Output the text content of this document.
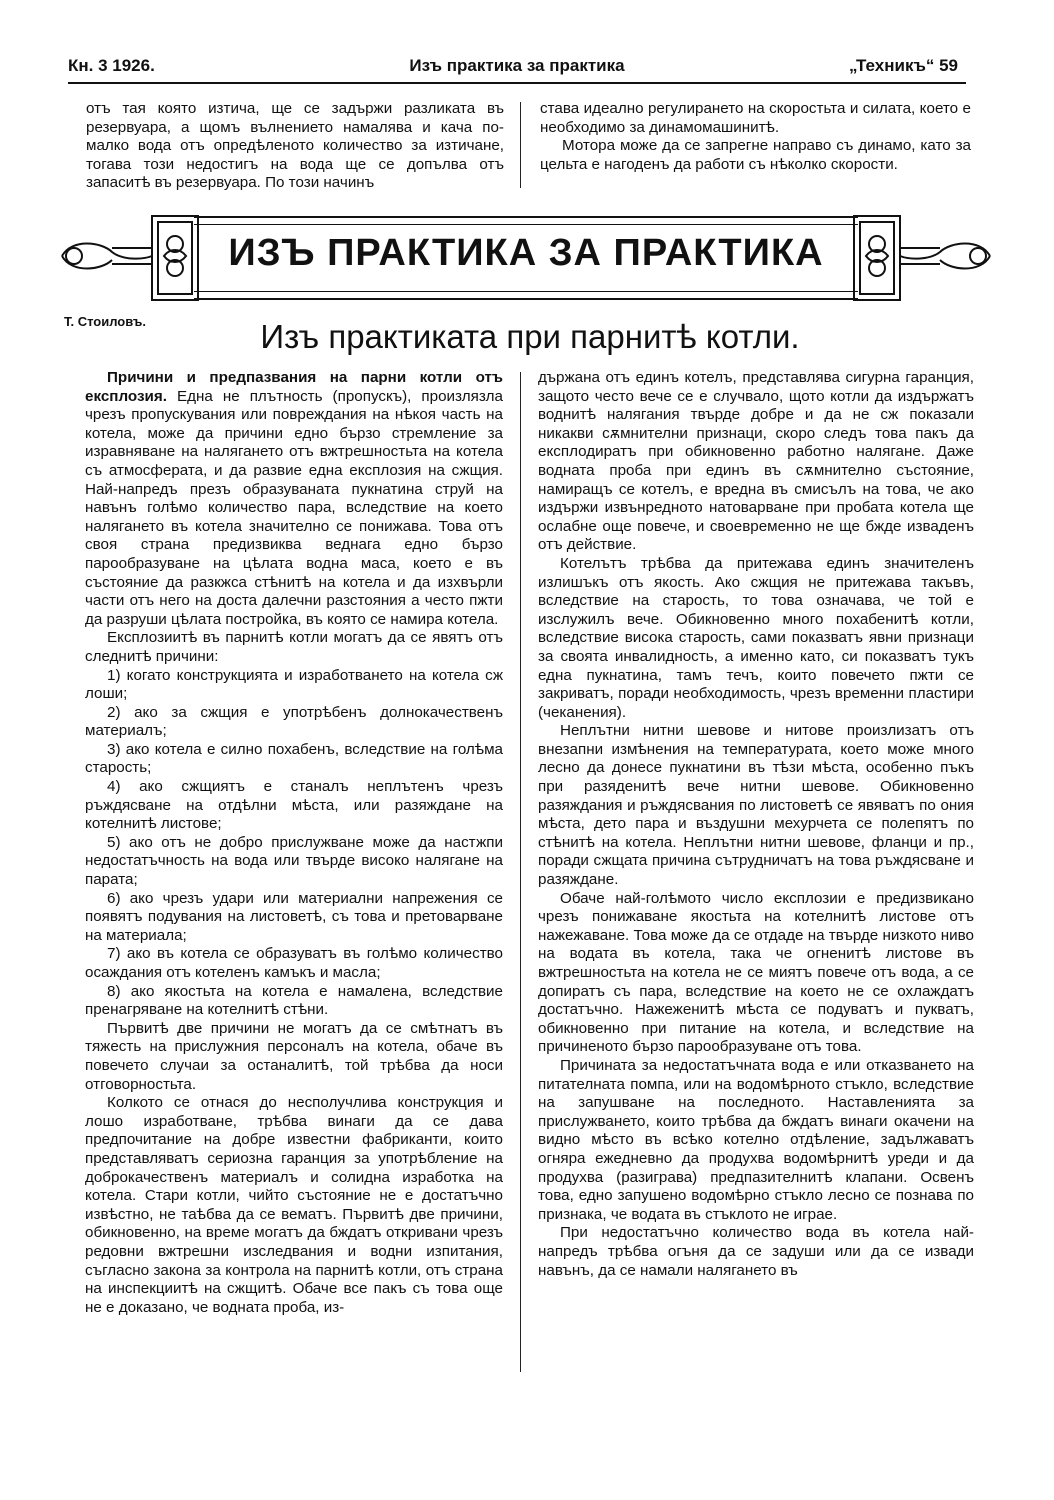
Кн. 3 1926.	Изъ практика за практика	„Техникъ“ 59

отъ тая която изтича, ще се задържи разликата въ резервуара, а щомъ вълнението намалява и кача по-малко вода отъ опредѣленото количество за изтичане, тогава този недостигъ на вода ще се допълва отъ запаситѣ въ резервуара. По този начинъ

става идеално регулирането на скоростьта и силата, което е необходимо за динамомашинитѣ.

Мотора може да се запрегне направо съ динамо, като за цельта е нагоденъ да работи съ нѣколко скорости.

ИЗЪ ПРАКТИКА ЗА ПРАКТИКА
Т. Стоиловъ.	Изъ практиката при парнитѣ котли.

Причини и предпазвания на парни котли отъ експлозия. Една не плътность (пропускъ), произлязла чрезъ пропускувания или повреждания на нѣкоя часть на котела, може да причини едно бързо стремление за изравняване на налягането отъ вжтрешностьта на котела съ атмосферата, и да развие една експлозия на сжщия. Най-напредъ презъ образуваната пукнатина струй на навънъ голѣмо количество пара, вследствие на което налягането въ котела значително се понижава. Това отъ своя страна предизвиква веднага едно бързо парообразуване на цѣлата водна маса, което е въ състояние да разкжса стѣнитѣ на котела и да изхвърли части отъ него на доста далечни разстояния а често пжти да разруши цѣлата постройка, въ която се намира котела.

Експлозиитѣ въ парнитѣ котли могатъ да се явятъ отъ следнитѣ причини:

1) когато конструкцията и изработването на котела сж лоши;

2) ако за сжщия е употрѣбенъ долнокачественъ материалъ;

3) ако котела е силно похабенъ, вследствие на голѣма старость;

4) ако сжщиятъ е станалъ неплътенъ чрезъ ръждясване на отдѣлни мѣста, или разяждане на котелнитѣ листове;

5) ако отъ не добро прислужване може да настжпи недостатъчность на вода или твърде високо налягане на парата;

6) ако чрезъ удари или материални напрежения се появятъ подувания на листоветѣ, съ това и претоварване на материала;

7) ако въ котела се образуватъ въ голѣмо количество осаждания отъ котеленъ камъкъ и масла;

8) ако якостьта на котела е намалена, вследствие пренагряване на котелнитѣ стѣни.

Първитѣ две причини не могатъ да се смѣтнатъ въ тяжесть на прислужния персоналъ на котела, обаче въ повечето случаи за останалитѣ, той трѣбва да носи отговорностьта.

Колкото се отнася до несполучлива конструкция и лошо изработване, трѣбва винаги да се дава предпочитание на добре известни фабриканти, които представляватъ сериозна гаранция за употрѣбление на доброкачественъ материалъ и солидна изработка на котела. Стари котли, чийто състояние не е достатъчно извѣстно, не таѣбва да се вематъ. Първитѣ две причини, обикновенно, на време могатъ да бждатъ откривани чрезъ редовни вжтрешни изследвания и водни изпитания, съгласно закона за контрола на парнитѣ котли, отъ страна на инспекциитѣ на сжщитѣ. Обаче все пакъ съ това още не е доказано, че водната проба, из-

държана отъ единъ котелъ, представлява сигурна гаранция, защото често вече се е случвало, щото котли да издържатъ воднитѣ налягания твърде добре и да не сж показали никакви сѫмнителни признаци, скоро следъ това пакъ да експлодиратъ при обикновенно работно налягане. Даже водната проба при единъ въ сѫмнително състояние, намиращъ се котелъ, е вредна въ смисълъ на това, че ако издържи извънредното натоварване при пробата котела ще ослабне още повече, и своевременно не ще бжде изваденъ отъ действие.

Котелътъ трѣбва да притежава единъ значителенъ излишъкъ отъ якость. Ако сжщия не притежава такъвъ, вследствие на старость, то това означава, че той е изслужилъ вече. Обикновенно много похабенитѣ котли, вследствие висока старость, сами показватъ явни признаци за своята инвалидность, а именно като, си показватъ тукъ една пукнатина, тамъ течъ, които повечето пжти се закриватъ, поради необходимость, чрезъ временни пластири (чеканения).

Неплътни нитни шевове и нитове произлизатъ отъ внезапни измѣнения на температурата, което може много лесно да донесе пукнатини въ тѣзи мѣста, особенно пъкъ при разяденитѣ вече нитни шевове. Обикновенно разяждания и ръждясвания по листоветѣ се явяватъ по ония мѣста, дето пара и въздушни мехурчета се полепятъ по стѣнитѣ на котела. Неплътни нитни шевове, фланци и пр., поради сжщата причина сътрудничатъ на това ръждясване и разяждане.

Обаче най-голѣмото число експлозии е предизвикано чрезъ понижаване якостьта на котелнитѣ листове отъ нажежаване. Това може да се отдаде на твърде низкото ниво на водата въ котела, така че огненитѣ листове въ вжтрешностьта на котела не се миятъ повече отъ вода, а се допиратъ съ пара, вследствие на което не се охлаждатъ достатъчно. Нажеженитѣ мѣста се подуватъ и пукватъ, обикновенно при питание на котела, и вследствие на причиненото бързо парообразуване отъ това.

Причината за недостатъчната вода е или отказването на питателната помпа, или на водомѣрното стъкло, вследствие на запушване на последното. Наставленията за прислужването, които трѣбва да бждатъ винаги окачени на видно мѣсто въ всѣко котелно отдѣление, задължаватъ огняра ежедневно да продухва водомѣрнитѣ уреди и да продухва (разиграва) предпазителнитѣ клапани. Освенъ това, едно запушено водомѣрно стъкло лесно се познава по признака, че водата въ стъклото не играе.

При недостатъчно количество вода въ котела най-напредъ трѣбва огъня да се задуши или да се извади навънъ, да се намали налягането въ
